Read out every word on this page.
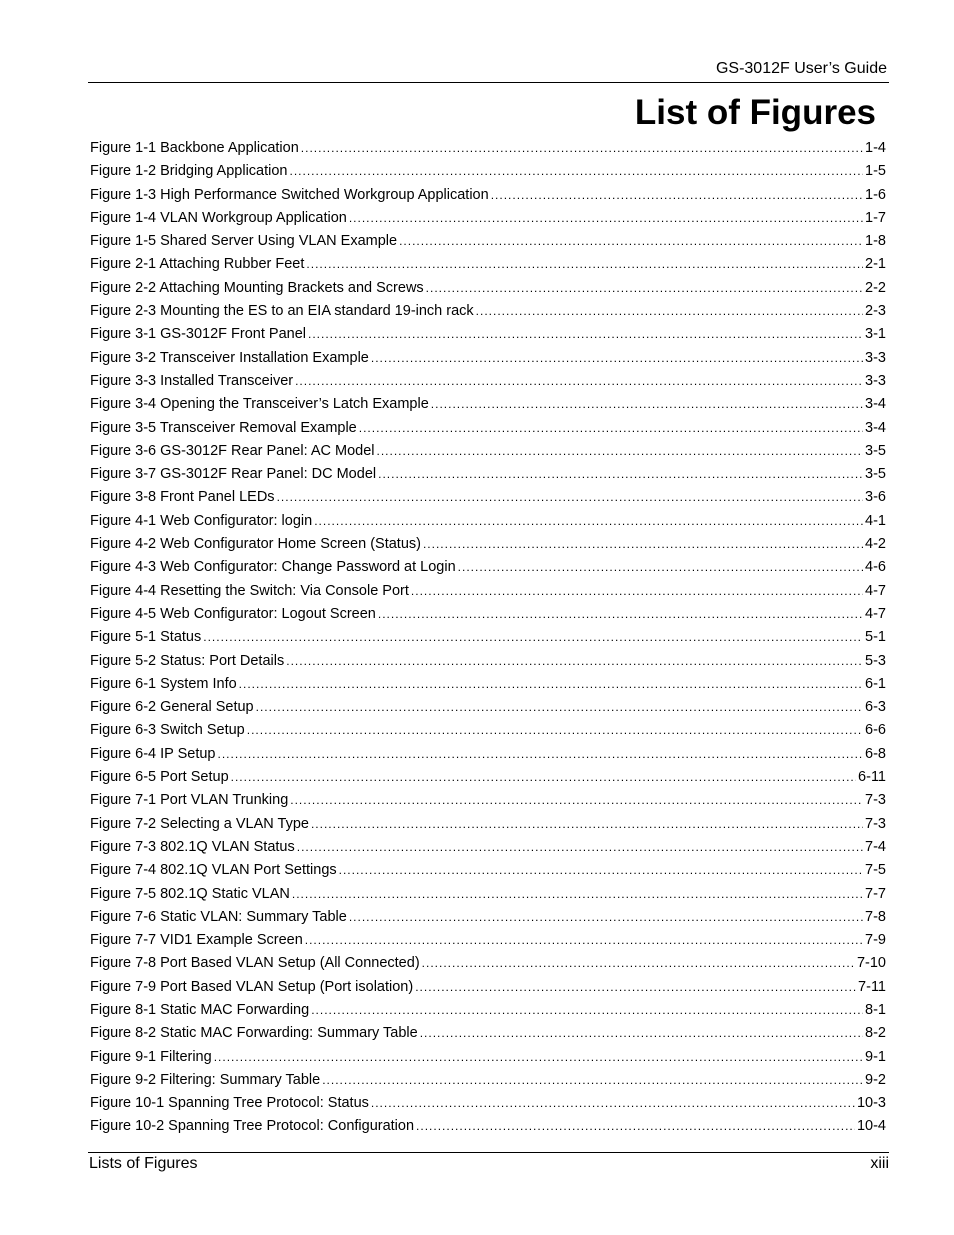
GS-3012F User’s Guide
List of Figures
Figure 1-1 Backbone Application .....	1-4
Figure 1-2 Bridging Application .....	1-5
Figure 1-3 High Performance Switched Workgroup Application .....	1-6
Figure 1-4 VLAN Workgroup Application .....	1-7
Figure 1-5 Shared Server Using VLAN Example .....	1-8
Figure 2-1 Attaching Rubber Feet .....	2-1
Figure 2-2 Attaching Mounting Brackets and Screws .....	2-2
Figure 2-3 Mounting the ES to an EIA standard 19-inch rack .....	2-3
Figure 3-1 GS-3012F Front Panel .....	3-1
Figure 3-2 Transceiver Installation Example .....	3-3
Figure 3-3 Installed Transceiver .....	3-3
Figure 3-4 Opening the Transceiver’s Latch Example .....	3-4
Figure 3-5 Transceiver Removal Example .....	3-4
Figure 3-6 GS-3012F Rear Panel: AC Model .....	3-5
Figure 3-7 GS-3012F Rear Panel: DC Model .....	3-5
Figure 3-8 Front Panel LEDs .....	3-6
Figure 4-1 Web Configurator: login .....	4-1
Figure 4-2 Web Configurator Home Screen (Status) .....	4-2
Figure 4-3 Web Configurator: Change Password at Login .....	4-6
Figure 4-4 Resetting the Switch: Via Console Port .....	4-7
Figure 4-5 Web Configurator: Logout Screen .....	4-7
Figure 5-1 Status .....	5-1
Figure 5-2 Status: Port Details .....	5-3
Figure 6-1 System Info .....	6-1
Figure 6-2 General Setup .....	6-3
Figure 6-3 Switch Setup .....	6-6
Figure 6-4 IP Setup .....	6-8
Figure 6-5 Port Setup .....	6-11
Figure 7-1 Port VLAN Trunking .....	7-3
Figure 7-2 Selecting a VLAN Type .....	7-3
Figure 7-3 802.1Q VLAN Status .....	7-4
Figure 7-4 802.1Q VLAN Port Settings .....	7-5
Figure 7-5 802.1Q Static VLAN .....	7-7
Figure 7-6 Static VLAN: Summary Table .....	7-8
Figure 7-7 VID1 Example Screen .....	7-9
Figure 7-8 Port Based VLAN Setup (All Connected) .....	7-10
Figure 7-9 Port Based VLAN Setup (Port isolation) .....	7-11
Figure 8-1 Static MAC Forwarding .....	8-1
Figure 8-2 Static MAC Forwarding: Summary Table .....	8-2
Figure 9-1 Filtering .....	9-1
Figure 9-2 Filtering: Summary Table .....	9-2
Figure 10-1 Spanning Tree Protocol: Status .....	10-3
Figure 10-2 Spanning Tree Protocol: Configuration .....	10-4
Lists of Figures	xiii
